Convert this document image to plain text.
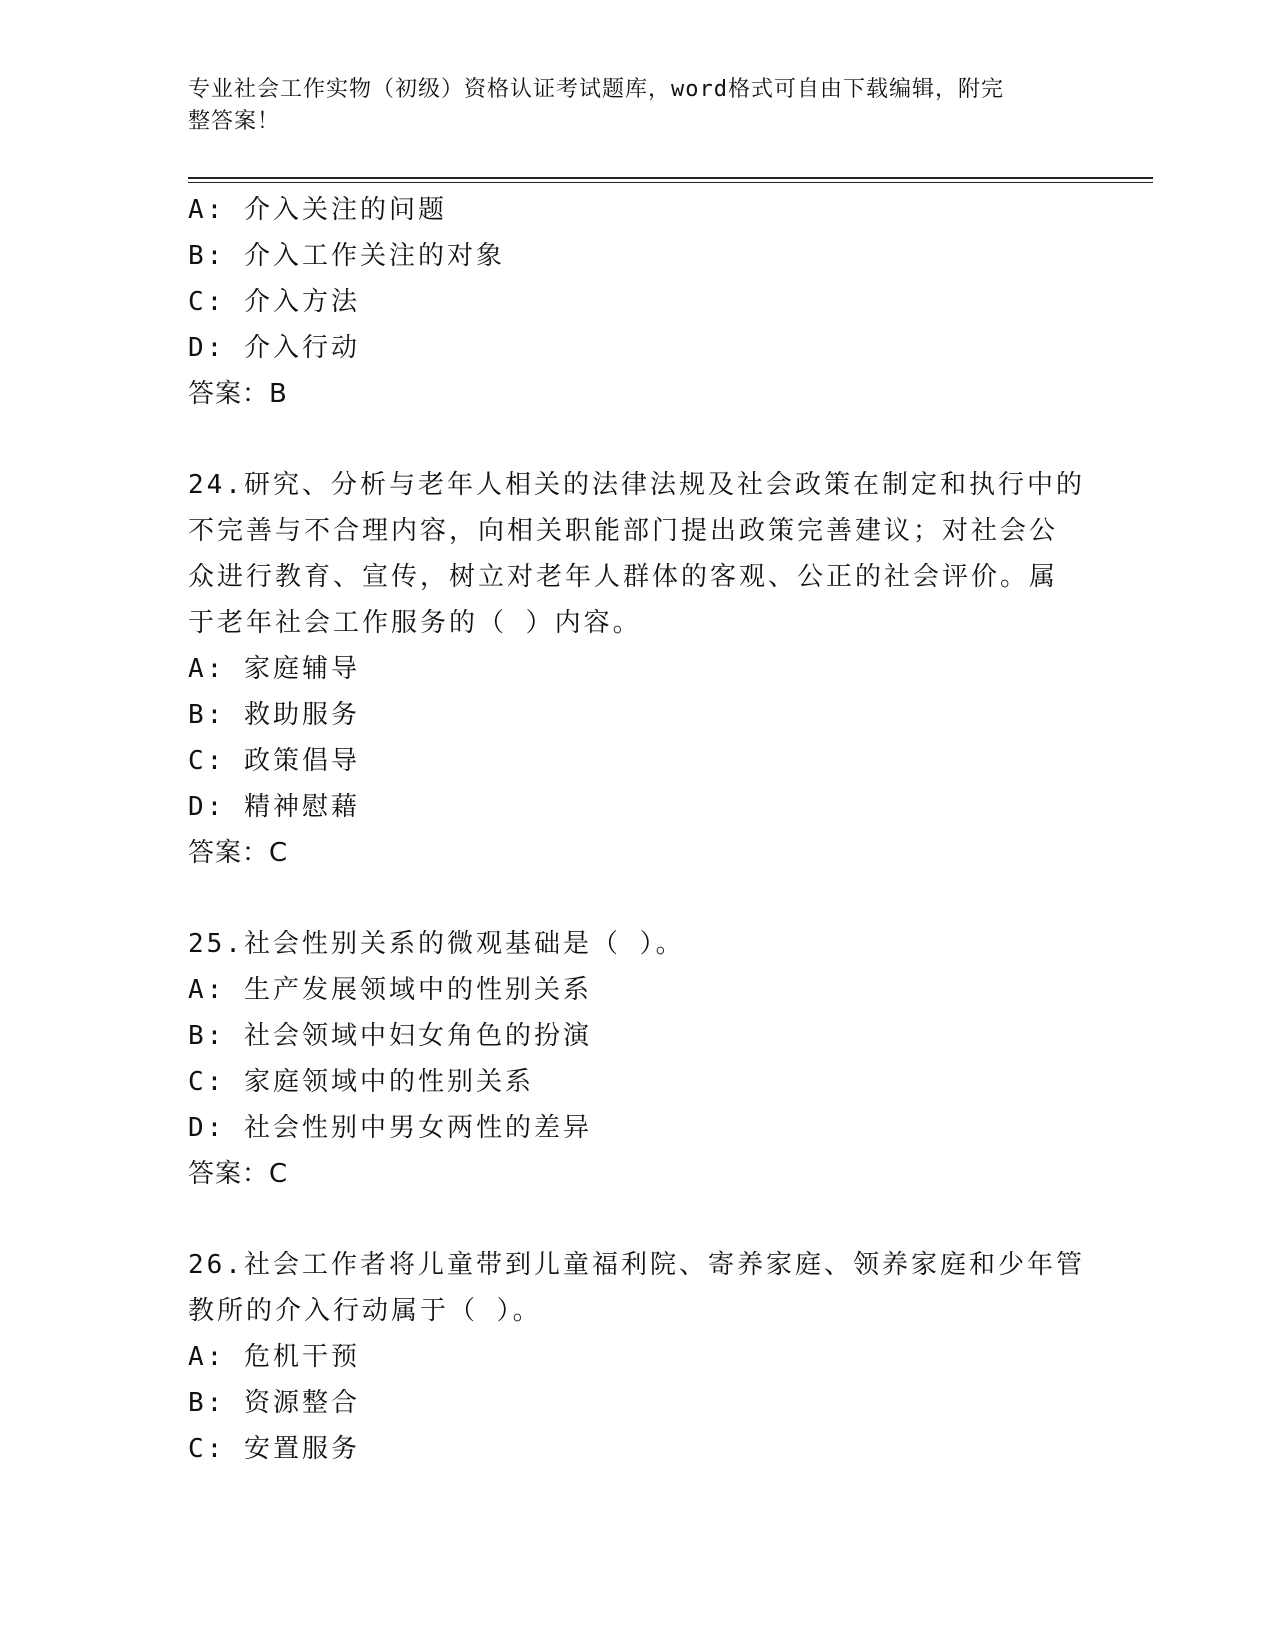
专业社会工作实物（初级）资格认证考试题库，word格式可自由下载编辑，附完
整答案！
A: 介入关注的问题
B: 介入工作关注的对象
C: 介入方法
D: 介入行动
答案：B
24.研究、分析与老年人相关的法律法规及社会政策在制定和执行中的
不完善与不合理内容，向相关职能部门提出政策完善建议；对社会公
众进行教育、宣传，树立对老年人群体的客观、公正的社会评价。属
于老年社会工作服务的（ ）内容。
A: 家庭辅导
B: 救助服务
C: 政策倡导
D: 精神慰藉
答案：C
25.社会性别关系的微观基础是（ ）。
A: 生产发展领域中的性别关系
B: 社会领域中妇女角色的扮演
C: 家庭领域中的性别关系
D: 社会性别中男女两性的差异
答案：C
26.社会工作者将儿童带到儿童福利院、寄养家庭、领养家庭和少年管
教所的介入行动属于（ ）。
A: 危机干预
B: 资源整合
C: 安置服务
